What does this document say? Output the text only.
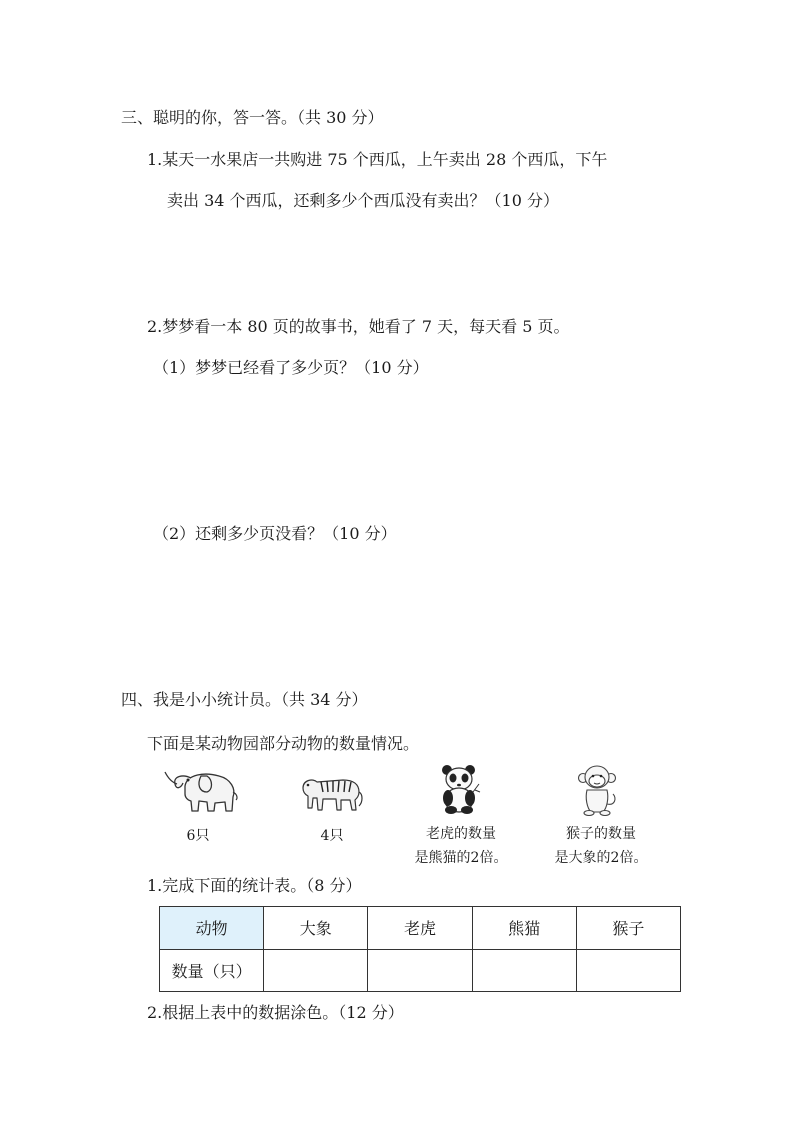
三、聪明的你，答一答。（共 30 分）
1.某天一水果店一共购进 75 个西瓜，上午卖出 28 个西瓜，下午
卖出 34 个西瓜，还剩多少个西瓜没有卖出？（10 分）
2.梦梦看一本 80 页的故事书，她看了 7 天，每天看 5 页。
（1）梦梦已经看了多少页？（10 分）
（2）还剩多少页没看？（10 分）
四、我是小小统计员。（共 34 分）
下面是某动物园部分动物的数量情况。
6只	4只	老虎的数量
是熊猫的2倍。
猴子的数量
是大象的2倍。
1.完成下面的统计表。（8 分）
动物	大象	老虎	熊猫	猴子
数量（只）				
2.根据上表中的数据涂色。（12 分）
